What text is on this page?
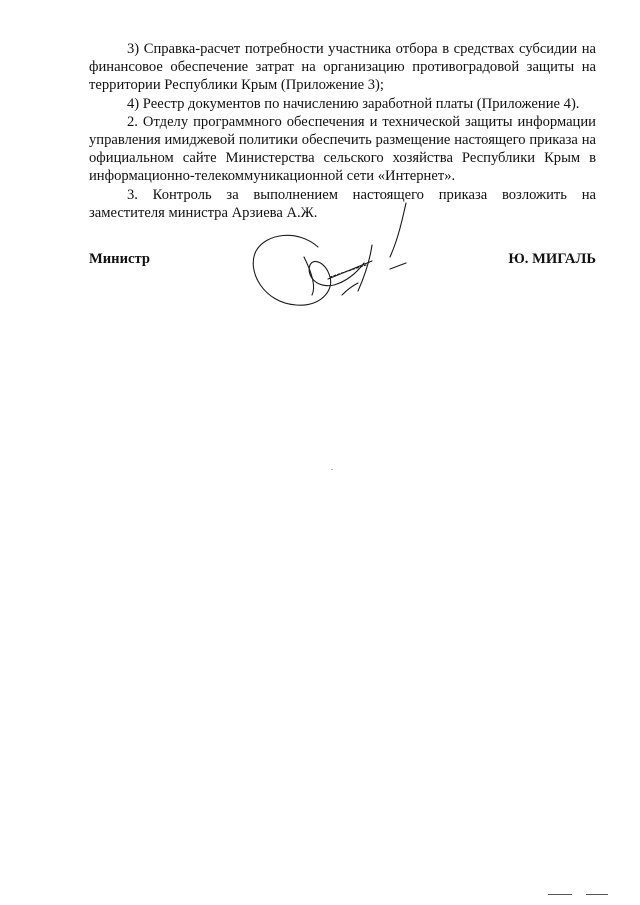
3) Справка-расчет потребности участника отбора в средствах субсидии на финансовое обеспечение затрат на организацию противоградовой защиты на территории Республики Крым (Приложение 3);

4) Реестр документов по начислению заработной платы (Приложение 4).

2. Отделу программного обеспечения и технической защиты информации управления имиджевой политики обеспечить размещение настоящего приказа на официальном сайте Министерства сельского хозяйства Республики Крым в информационно-телекоммуникационной сети «Интернет».

3. Контроль за выполнением настоящего приказа возложить на заместителя министра Арзиева А.Ж.

Министр	Ю. МИГАЛЬ
